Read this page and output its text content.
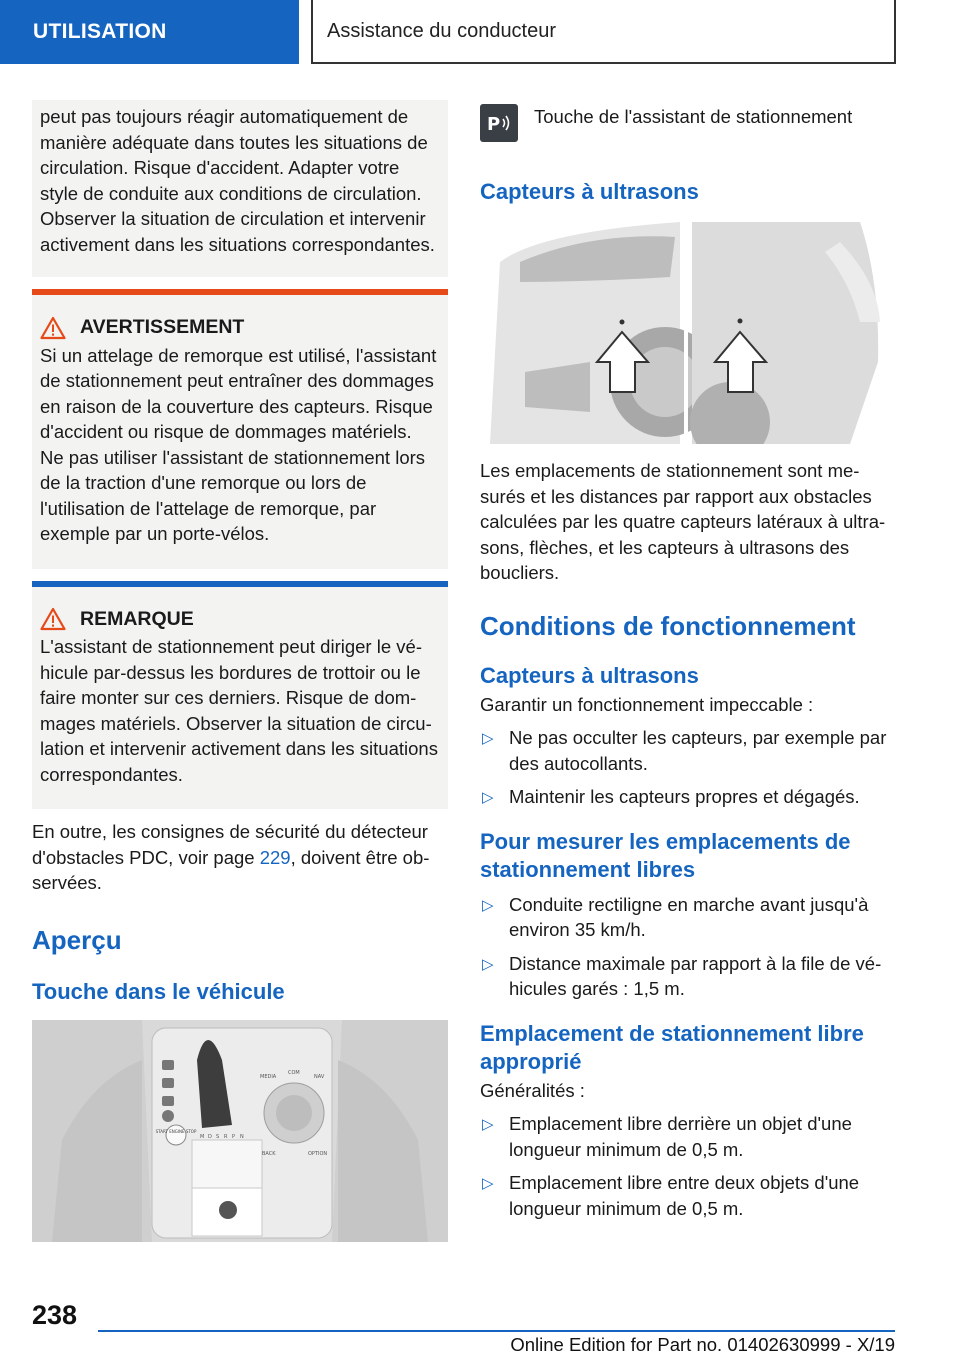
UTILISATION	Assistance du conducteur

peut pas toujours réagir automatiquement de manière adéquate dans toutes les situations de circulation. Risque d'accident. Adapter votre style de conduite aux conditions de circulation. Observer la situation de circulation et intervenir activement dans les situations correspondantes.

AVERTISSEMENT

Si un attelage de remorque est utilisé, l'assistant de stationnement peut entraîner des dommages en raison de la couverture des capteurs. Risque d'accident ou risque de dommages matériels. Ne pas utiliser l'assistant de stationnement lors de la traction d'une remorque ou lors de l'utilisation de l'attelage de remorque, par exemple par un porte-vélos.

REMARQUE

L'assistant de stationnement peut diriger le véhicule par-dessus les bordures de trottoir ou le faire monter sur ces derniers. Risque de dommages matériels. Observer la situation de circulation et intervenir activement dans les situations correspondantes.

En outre, les consignes de sécurité du détecteur d'obstacles PDC, voir page 229, doivent être observées.

Aperçu
Touche dans le véhicule
START ENGINE STOP
MEDIA
COM
NAV
BACK	OPTION
M D S R P N
P Touche de l'assistant de stationnement

Capteurs à ultrasons

Les emplacements de stationnement sont mesurés et les distances par rapport aux obstacles calculées par les quatre capteurs latéraux à ultrasons, flèches, et les capteurs à ultrasons des boucliers.

Conditions de fonctionnement
Capteurs à ultrasons

Garantir un fonctionnement impeccable :

▷ Ne pas occulter les capteurs, par exemple par des autocollants.
▷ Maintenir les capteurs propres et dégagés.
Pour mesurer les emplacements de stationnement libres
▷ Conduite rectiligne en marche avant jusqu'à environ 35 km/h.
▷ Distance maximale par rapport à la file de véhicules garés : 1,5 m.
Emplacement de stationnement libre approprié

Généralités :

▷ Emplacement libre derrière un objet d'une longueur minimum de 0,5 m.
▷ Emplacement libre entre deux objets d'une longueur minimum de 0,5 m.
238
Online Edition for Part no. 01402630999 - X/19
